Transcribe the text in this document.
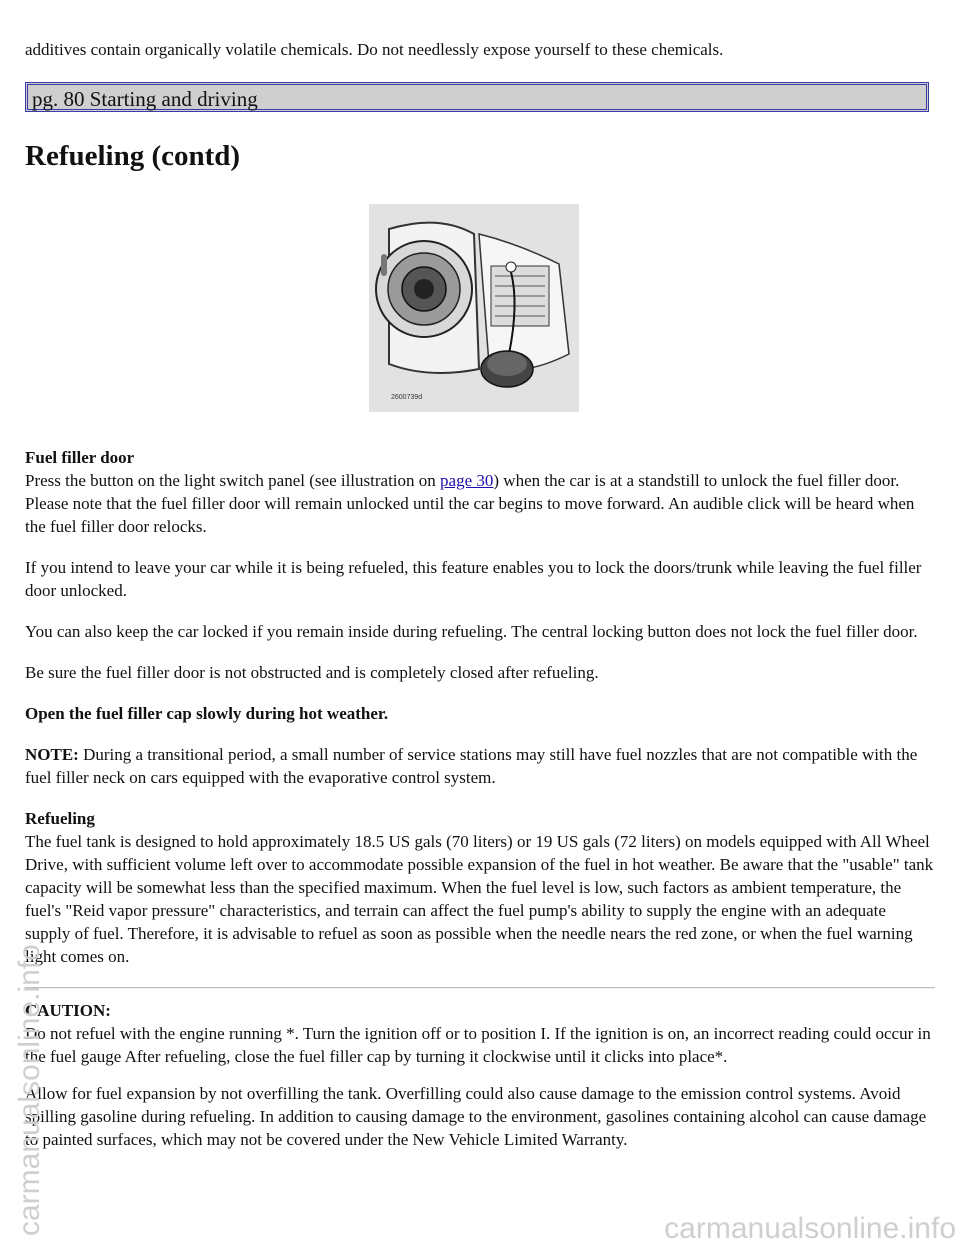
additives contain organically volatile chemicals. Do not needlessly expose yourself to these chemicals.

pg. 80 Starting and driving
Refueling (contd)
2600739d

Fuel filler door

Press the button on the light switch panel (see illustration on page 30) when the car is at a standstill to unlock the fuel filler door. Please note that the fuel filler door will remain unlocked until the car begins to move forward. An audible click will be heard when the fuel filler door relocks.

If you intend to leave your car while it is being refueled, this feature enables you to lock the doors/trunk while leaving the fuel filler door unlocked.

You can also keep the car locked if you remain inside during refueling. The central locking button does not lock the fuel filler door.

Be sure the fuel filler door is not obstructed and is completely closed after refueling.

Open the fuel filler cap slowly during hot weather.

NOTE: During a transitional period, a small number of service stations may still have fuel nozzles that are not compatible with the fuel filler neck on cars equipped with the evaporative control system.

Refueling

The fuel tank is designed to hold approximately 18.5 US gals (70 liters) or 19 US gals (72 liters) on models equipped with All Wheel Drive, with sufficient volume left over to accommodate possible expansion of the fuel in hot weather. Be aware that the "usable" tank capacity will be somewhat less than the specified maximum. When the fuel level is low, such factors as ambient temperature, the fuel's "Reid vapor pressure" characteristics, and terrain can affect the fuel pump's ability to supply the engine with an adequate supply of fuel. Therefore, it is advisable to refuel as soon as possible when the needle nears the red zone, or when the fuel warning light comes on.

CAUTION:

Do not refuel with the engine running *. Turn the ignition off or to position I. If the ignition is on, an incorrect reading could occur in the fuel gauge After refueling, close the fuel filler cap by turning it clockwise until it clicks into place*.

Allow for fuel expansion by not overfilling the tank. Overfilling could also cause damage to the emission control systems. Avoid spilling gasoline during refueling. In addition to causing damage to the environment, gasolines containing alcohol can cause damage to painted surfaces, which may not be covered under the New Vehicle Limited Warranty.

carmanualsonline.info	carmanualsonline.info
